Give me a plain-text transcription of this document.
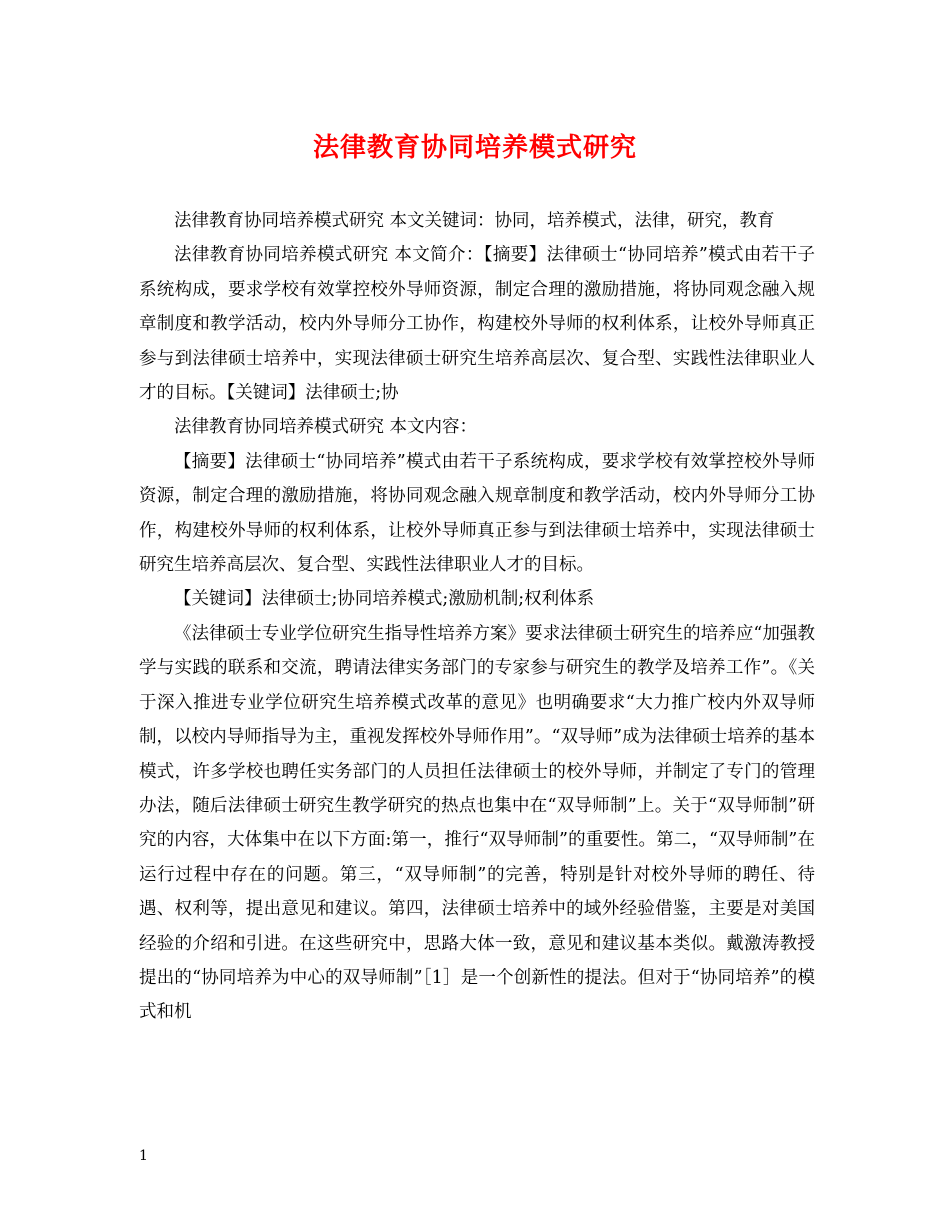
法律教育协同培养模式研究

法律教育协同培养模式研究 本文关键词：协同，培养模式，法律，研究，教育

法律教育协同培养模式研究 本文简介：【摘要】法律硕士“协同培养”模式由若干子系统构成，要求学校有效掌控校外导师资源，制定合理的激励措施，将协同观念融入规章制度和教学活动，校内外导师分工协作，构建校外导师的权利体系，让校外导师真正参与到法律硕士培养中，实现法律硕士研究生培养高层次、复合型、实践性法律职业人才的目标。【关键词】法律硕士;协

法律教育协同培养模式研究 本文内容：

【摘要】法律硕士“协同培养”模式由若干子系统构成，要求学校有效掌控校外导师资源，制定合理的激励措施，将协同观念融入规章制度和教学活动，校内外导师分工协作，构建校外导师的权利体系，让校外导师真正参与到法律硕士培养中，实现法律硕士研究生培养高层次、复合型、实践性法律职业人才的目标。

【关键词】法律硕士;协同培养模式;激励机制;权利体系

《法律硕士专业学位研究生指导性培养方案》要求法律硕士研究生的培养应“加强教学与实践的联系和交流，聘请法律实务部门的专家参与研究生的教学及培养工作”。《关于深入推进专业学位研究生培养模式改革的意见》也明确要求“大力推广校内外双导师制，以校内导师指导为主，重视发挥校外导师作用”。“双导师”成为法律硕士培养的基本模式，许多学校也聘任实务部门的人员担任法律硕士的校外导师，并制定了专门的管理办法，随后法律硕士研究生教学研究的热点也集中在“双导师制”上。关于“双导师制”研究的内容，大体集中在以下方面:第一，推行“双导师制”的重要性。第二，“双导师制”在运行过程中存在的问题。第三，“双导师制”的完善，特别是针对校外导师的聘任、待遇、权利等，提出意见和建议。第四，法律硕士培养中的域外经验借鉴，主要是对美国经验的介绍和引进。在这些研究中，思路大体一致，意见和建议基本类似。戴激涛教授提出的“协同培养为中心的双导师制”［1］是一个创新性的提法。但对于“协同培养”的模式和机

1
